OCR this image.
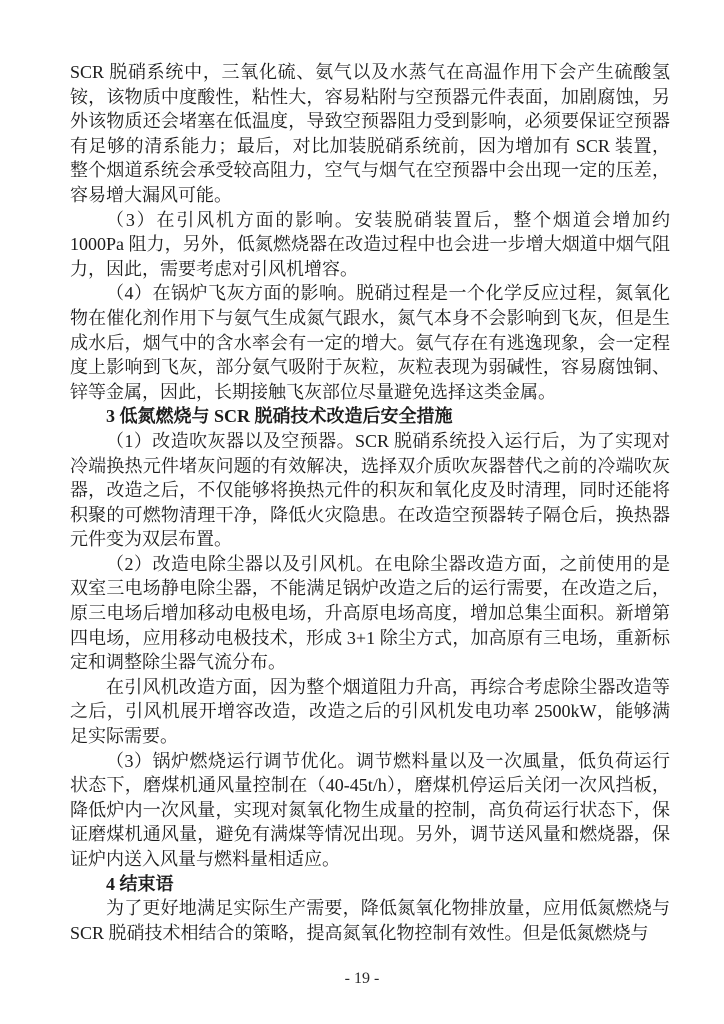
SCR 脱硝系统中，三氧化硫、氨气以及水蒸气在高温作用下会产生硫酸氢铵，该物质中度酸性，粘性大，容易粘附与空预器元件表面，加剧腐蚀，另外该物质还会堵塞在低温度，导致空预器阻力受到影响，必须要保证空预器有足够的清系能力；最后，对比加装脱硝系统前，因为增加有 SCR 装置，整个烟道系统会承受较高阻力，空气与烟气在空预器中会出现一定的压差，容易增大漏风可能。

（3）在引风机方面的影响。安装脱硝装置后，整个烟道会增加约 1000Pa 阻力，另外，低氮燃烧器在改造过程中也会进一步增大烟道中烟气阻力，因此，需要考虑对引风机增容。

（4）在锅炉飞灰方面的影响。脱硝过程是一个化学反应过程，氮氧化物在催化剂作用下与氨气生成氮气跟水，氮气本身不会影响到飞灰，但是生成水后，烟气中的含水率会有一定的增大。氨气存在有逃逸现象，会一定程度上影响到飞灰，部分氨气吸附于灰粒，灰粒表现为弱碱性，容易腐蚀铜、锌等金属，因此，长期接触飞灰部位尽量避免选择这类金属。

3 低氮燃烧与 SCR 脱硝技术改造后安全措施

（1）改造吹灰器以及空预器。SCR 脱硝系统投入运行后，为了实现对冷端换热元件堵灰问题的有效解决，选择双介质吹灰器替代之前的冷端吹灰器，改造之后，不仅能够将换热元件的积灰和氧化皮及时清理，同时还能将积聚的可燃物清理干净，降低火灾隐患。在改造空预器转子隔仓后，换热器元件变为双层布置。

（2）改造电除尘器以及引风机。在电除尘器改造方面，之前使用的是双室三电场静电除尘器，不能满足锅炉改造之后的运行需要，在改造之后，原三电场后增加移动电极电场，升高原电场高度，增加总集尘面积。新增第四电场，应用移动电极技术，形成 3+1 除尘方式，加高原有三电场，重新标定和调整除尘器气流分布。

在引风机改造方面，因为整个烟道阻力升高，再综合考虑除尘器改造等之后，引风机展开增容改造，改造之后的引风机发电功率 2500kW，能够满足实际需要。

（3）锅炉燃烧运行调节优化。调节燃料量以及一次風量，低负荷运行状态下，磨煤机通风量控制在（40-45t/h），磨煤机停运后关闭一次风挡板，降低炉内一次风量，实现对氮氧化物生成量的控制，高负荷运行状态下，保证磨煤机通风量，避免有满煤等情况出现。另外，调节送风量和燃烧器，保证炉内送入风量与燃料量相适应。

4 结束语

为了更好地满足实际生产需要，降低氮氧化物排放量，应用低氮燃烧与 SCR 脱硝技术相结合的策略，提高氮氧化物控制有效性。但是低氮燃烧与

- 19 -
